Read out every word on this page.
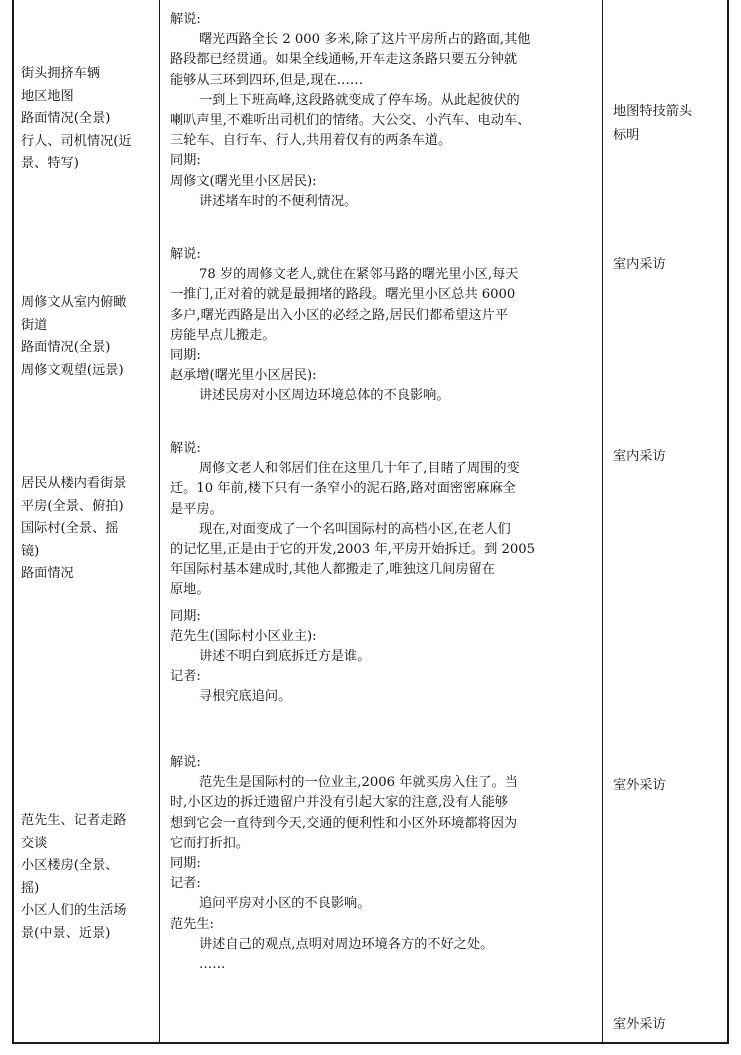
街头拥挤车辆
地区地图
路面情况(全景)
行人、司机情况(近
景、特写)
周修文从室内俯瞰
街道
路面情况(全景)
周修文观望(远景)
居民从楼内看街景
平房(全景、俯拍)
国际村(全景、摇
镜)
路面情况
范先生、记者走路
交谈
小区楼房(全景、
摇)
小区人们的生活场
景(中景、近景)
解说:
曙光西路全长 2 000 多米,除了这片平房所占的路面,其他
路段都已经贯通。如果全线通畅,开车走这条路只要五分钟就
能够从三环到四环,但是,现在……
一到上下班高峰,这段路就变成了停车场。从此起彼伏的
喇叭声里,不难听出司机们的情绪。大公交、小汽车、电动车、
三轮车、自行车、行人,共用着仅有的两条车道。
同期:
周修文(曙光里小区居民):
讲述堵车时的不便利情况。
解说:
78 岁的周修文老人,就住在紧邻马路的曙光里小区,每天
一推门,正对着的就是最拥堵的路段。曙光里小区总共 6000
多户,曙光西路是出入小区的必经之路,居民们都希望这片平
房能早点儿搬走。
同期:
赵承增(曙光里小区居民):
讲述民房对小区周边环境总体的不良影响。
解说:
周修文老人和邻居们住在这里几十年了,目睹了周围的变
迁。10 年前,楼下只有一条窄小的泥石路,路对面密密麻麻全
是平房。
现在,对面变成了一个名叫国际村的高档小区,在老人们
的记忆里,正是由于它的开发,2003 年,平房开始拆迁。到 2005
年国际村基本建成时,其他人都搬走了,唯独这几间房留在
原地。
同期:
范先生(国际村小区业主):
讲述不明白到底拆迁方是谁。
记者:
寻根究底追问。
解说:
范先生是国际村的一位业主,2006 年就买房入住了。当
时,小区边的拆迁遗留户并没有引起大家的注意,没有人能够
想到它会一直待到今天,交通的便利性和小区外环境都将因为
它而打折扣。
同期:
记者:
追问平房对小区的不良影响。
范先生:
讲述自己的观点,点明对周边环境各方的不好之处。
……
地图特技箭头
标明
室内采访
室内采访
室外采访
室外采访
